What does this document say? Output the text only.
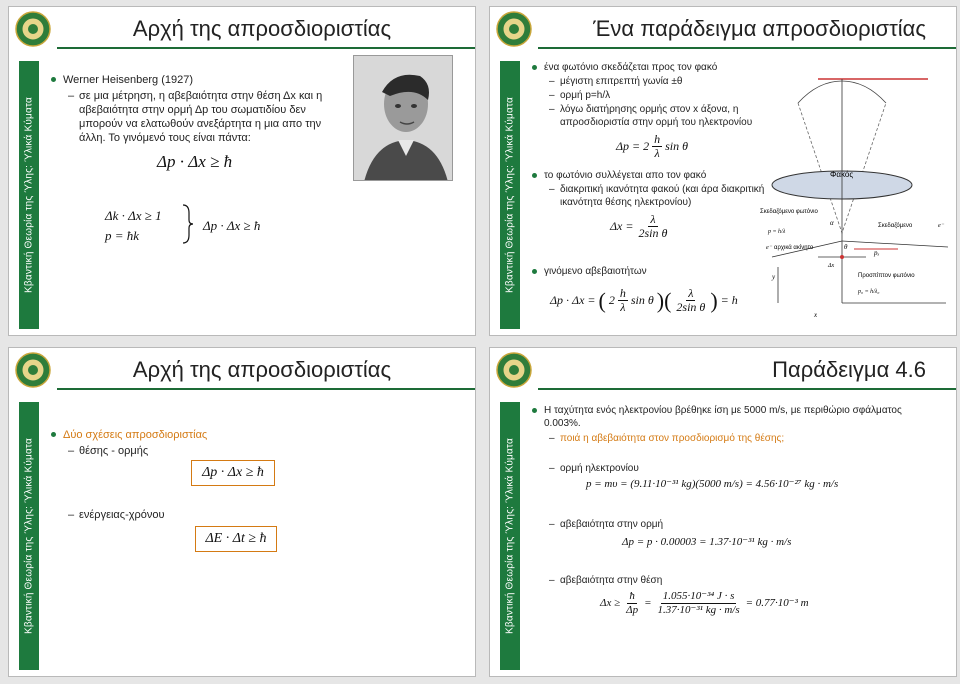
Αρχή της απροσδιοριστίας
Κβαντική Θεωρία της Ύλης: Ύλικά Κύματα
Werner Heisenberg (1927)
– σε μια μέτρηση, η αβεβαιότητα στην θέση Δx και η αβεβαιότητα στην ορμή Δp του σωματιδίου δεν μπορούν να ελατωθούν ανεξάρτητα η μια απο την άλλη. Το γινόμενό τους είναι πάντα:
Δp · Δx ≥ ħ
Δk · Δx ≥ 1
p = ħk
Δp · Δx ≥ ħ
Ένα παράδειγμα απροσδιοριστίας
Κβαντική Θεωρία της Ύλης: Ύλικά Κύματα
ένα φωτόνιο σκεδάζεται προς τον φακό
– μέγιστη επιτρεπτή γωνία ±θ
– ορμή p=h/λ
– λόγω διατήρησης ορμής στον x άξονα, η απροσδιοριστία στην ορμή του ηλεκτρονίου
$\Delta p = 2 \frac{h}{\lambda}$ sin θ
το φωτόνιο συλλέγεται απο τον φακό
– διακριτική ικανότητα φακού (και άρα διακριτική ικανότητα θέσης ηλεκτρονίου)
$\Delta x = \frac{\lambda}{\text{2sin θ}}$
γινόμενο αβεβαιοτήτων
Δp · Δx = ( $2 \frac{h}{\lambda}$ sin θ )( $\frac{\lambda}{\text{2sin θ}}$ ) = h
Φακός
Σκεδαζόμενο φωτόνιο
p = h/λ
e⁻ αρχικά ακίνητο
Σκεδαζόμενο	e⁻
Προσπίπτον φωτόνιο
p₀ = h/λ₀
θ
α
Δx
pₓ
y
x
Αρχή της απροσδιοριστίας
Κβαντική Θεωρία της Ύλης: Ύλικά Κύματα
Δύο σχέσεις απροσδιοριστίας
– θέσης - ορμής
Δp · Δx ≥ ħ
– ενέργειας-χρόνου
ΔE · Δt ≥ ħ
Παράδειγμα 4.6
Κβαντική Θεωρία της Ύλης: Ύλικά Κύματα
Η ταχύτητα ενός ηλεκτρονίου βρέθηκε ίση με 5000 m/s, με περιθώριο σφάλματος 0.003%.
– ποιά η αβεβαιότητα στον προσδιορισμό της θέσης;
– ορμή ηλεκτρονίου
p = mυ = (9.11·10⁻³¹ kg)(5000 m/s) = 4.56·10⁻²⁷ kg · m/s
– αβεβαιότητα στην ορμή
Δp = p · 0.00003 = 1.37·10⁻³¹ kg · m/s
– αβεβαιότητα στην θέση
$\Delta x \ge \frac{ħ}{\Delta p} = \frac{\text{1.055·10⁻³⁴ J · s}}{\text{1.37·10⁻³¹ kg · m/s}} = 0.77\cdot 10^{-3}$ m
